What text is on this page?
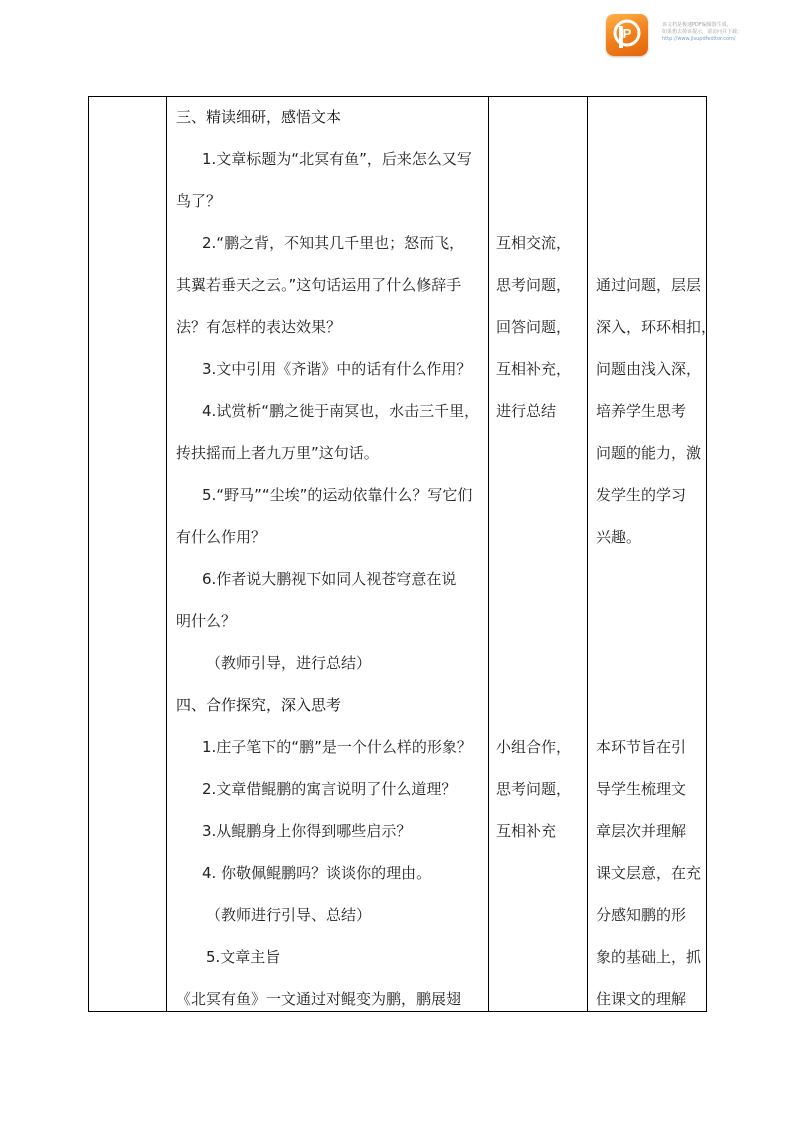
P
该文档是极速PDF编辑器生成，
如果想去掉该提示，请访问并下载：
http://www.jisupdfeditor.com/
三、精读细研，感悟文本
1.文章标题为“北冥有鱼”，后来怎么又写
鸟了？
2.“鹏之背，不知其几千里也；怒而飞，
其翼若垂天之云。”这句话运用了什么修辞手
法？有怎样的表达效果？
3.文中引用《齐谐》中的话有什么作用？
4.试赏析“鹏之徙于南冥也，水击三千里，
抟扶摇而上者九万里”这句话。
5.“野马”“尘埃”的运动依靠什么？写它们
有什么作用？
6.作者说大鹏视下如同人视苍穹意在说
明什么？
（教师引导，进行总结）
四、合作探究，深入思考
1.庄子笔下的“鹏”是一个什么样的形象？
2.文章借鲲鹏的寓言说明了什么道理？
3.从鲲鹏身上你得到哪些启示？
4. 你敬佩鲲鹏吗？谈谈你的理由。
（教师进行引导、总结）
5.文章主旨
《北冥有鱼》一文通过对鲲变为鹏，鹏展翅
互相交流，
思考问题，
回答问题，
互相补充，
进行总结
小组合作，
思考问题，
互相补充
通过问题，层层
深入，环环相扣，
问题由浅入深，
培养学生思考
问题的能力，激
发学生的学习
兴趣。
本环节旨在引
导学生梳理文
章层次并理解
课文层意，在充
分感知鹏的形
象的基础上，抓
住课文的理解
